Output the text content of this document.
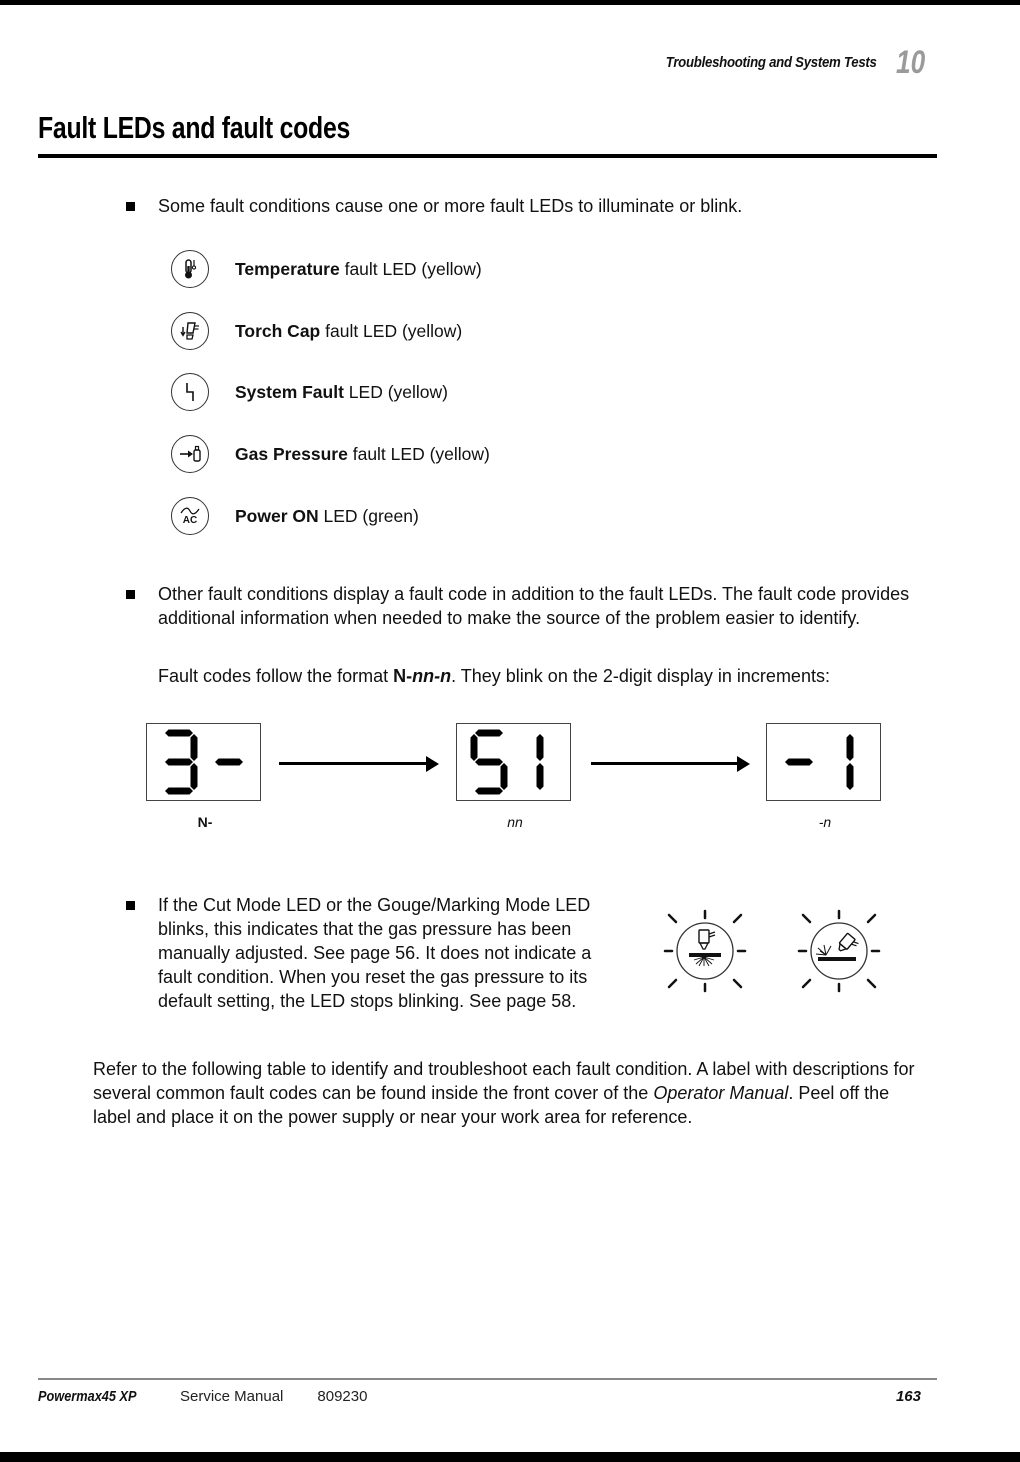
Troubleshooting and System Tests 10
Fault LEDs and fault codes
Some fault conditions cause one or more fault LEDs to illuminate or blink.
Temperature fault LED (yellow)
Torch Cap fault LED (yellow)
System Fault LED (yellow)
Gas Pressure fault LED (yellow)
AC Power ON LED (green)
Other fault conditions display a fault code in addition to the fault LEDs. The fault code provides additional information when needed to make the source of the problem easier to identify.
Fault codes follow the format N-nn-n. They blink on the 2-digit display in increments:
N-	nn	-n
If the Cut Mode LED or the Gouge/Marking Mode LED blinks, this indicates that the gas pressure has been manually adjusted. See page 56. It does not indicate a fault condition. When you reset the gas pressure to its default setting, the LED stops blinking. See page 58.
Refer to the following table to identify and troubleshoot each fault condition. A label with descriptions for several common fault codes can be found inside the front cover of the Operator Manual. Peel off the label and place it on the power supply or near your work area for reference.
Powermax45 XP	Service Manual 809230	163
